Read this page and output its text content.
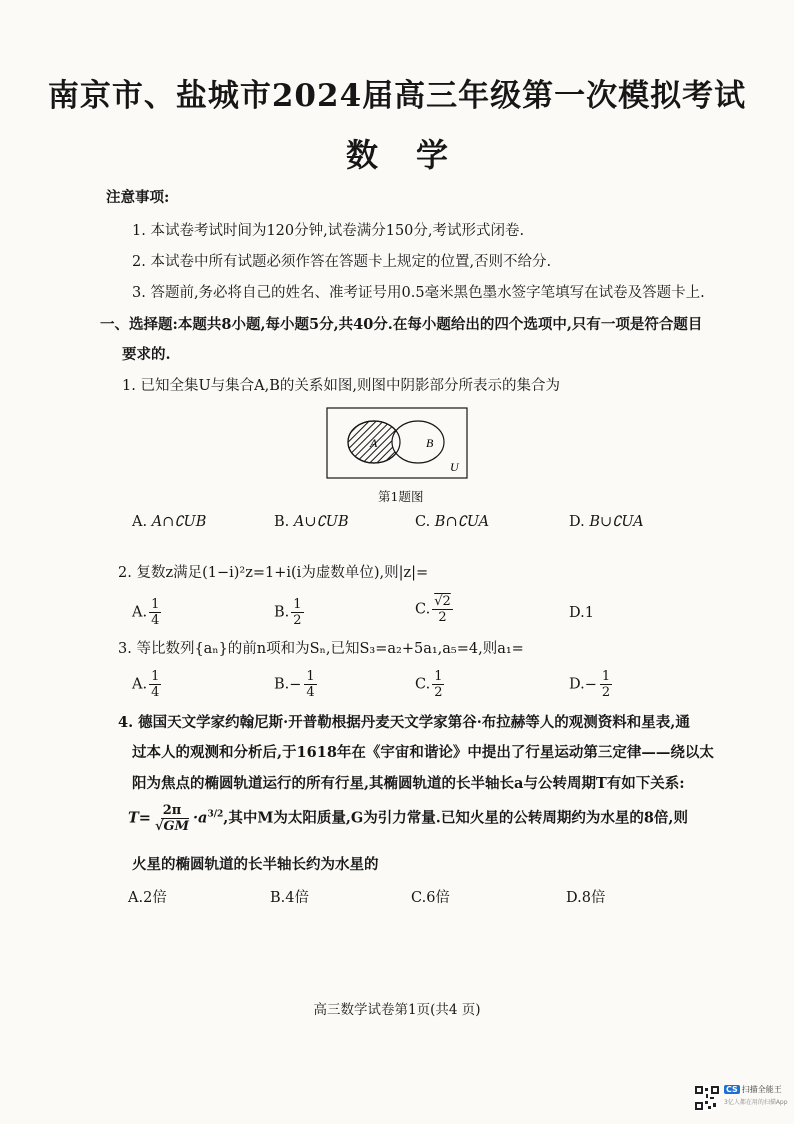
南京市、盐城市2024届高三年级第一次模拟考试
数学
注意事项:
1. 本试卷考试时间为120分钟,试卷满分150分,考试形式闭卷.
2. 本试卷中所有试题必须作答在答题卡上规定的位置,否则不给分.
3. 答题前,务必将自己的姓名、准考证号用0.5毫米黑色墨水签字笔填写在试卷及答题卡上.
一、选择题:本题共8小题,每小题5分,共40分.在每小题给出的四个选项中,只有一项是符合题目
要求的.
1. 已知全集U与集合A,B的关系如图,则图中阴影部分所表示的集合为
A	B
U
第1题图
A. A∩∁UB	B. A∪∁UB	C. B∩∁UA	D. B∪∁UA
2. 复数z满足(1−i)²z=1+i(i为虚数单位),则|z|=
A. $\frac{1}{4}$	B. $\frac{1}{2}$	C. $\frac{√2}{2}$	D.1
3. 等比数列{aₙ}的前n项和为Sₙ,已知S₃=a₂+5a₁,a₅=4,则a₁=
A. $\frac{1}{4}$	$B.- \frac{1}{4}$	C. $\frac{1}{2}$	$D.- \frac{1}{2}$
4. 德国天文学家约翰尼斯·开普勒根据丹麦天文学家第谷·布拉赫等人的观测资料和星表,通
过本人的观测和分析后,于1618年在《宇宙和谐论》中提出了行星运动第三定律——绕以太
阳为焦点的椭圆轨道运行的所有行星,其椭圆轨道的长半轴长a与公转周期T有如下关系:
$T= \frac{2\pi}{√GM} \cdot a^{3/2}$,其中M为太阳质量,G为引力常量.已知火星的公转周期约为水星的8倍,则
火星的椭圆轨道的长半轴长约为水星的
A.2倍	B.4倍	C.6倍	D.8倍
高三数学试卷第1页(共4 页)
CS 扫描全能王
3亿人都在用的扫描App
